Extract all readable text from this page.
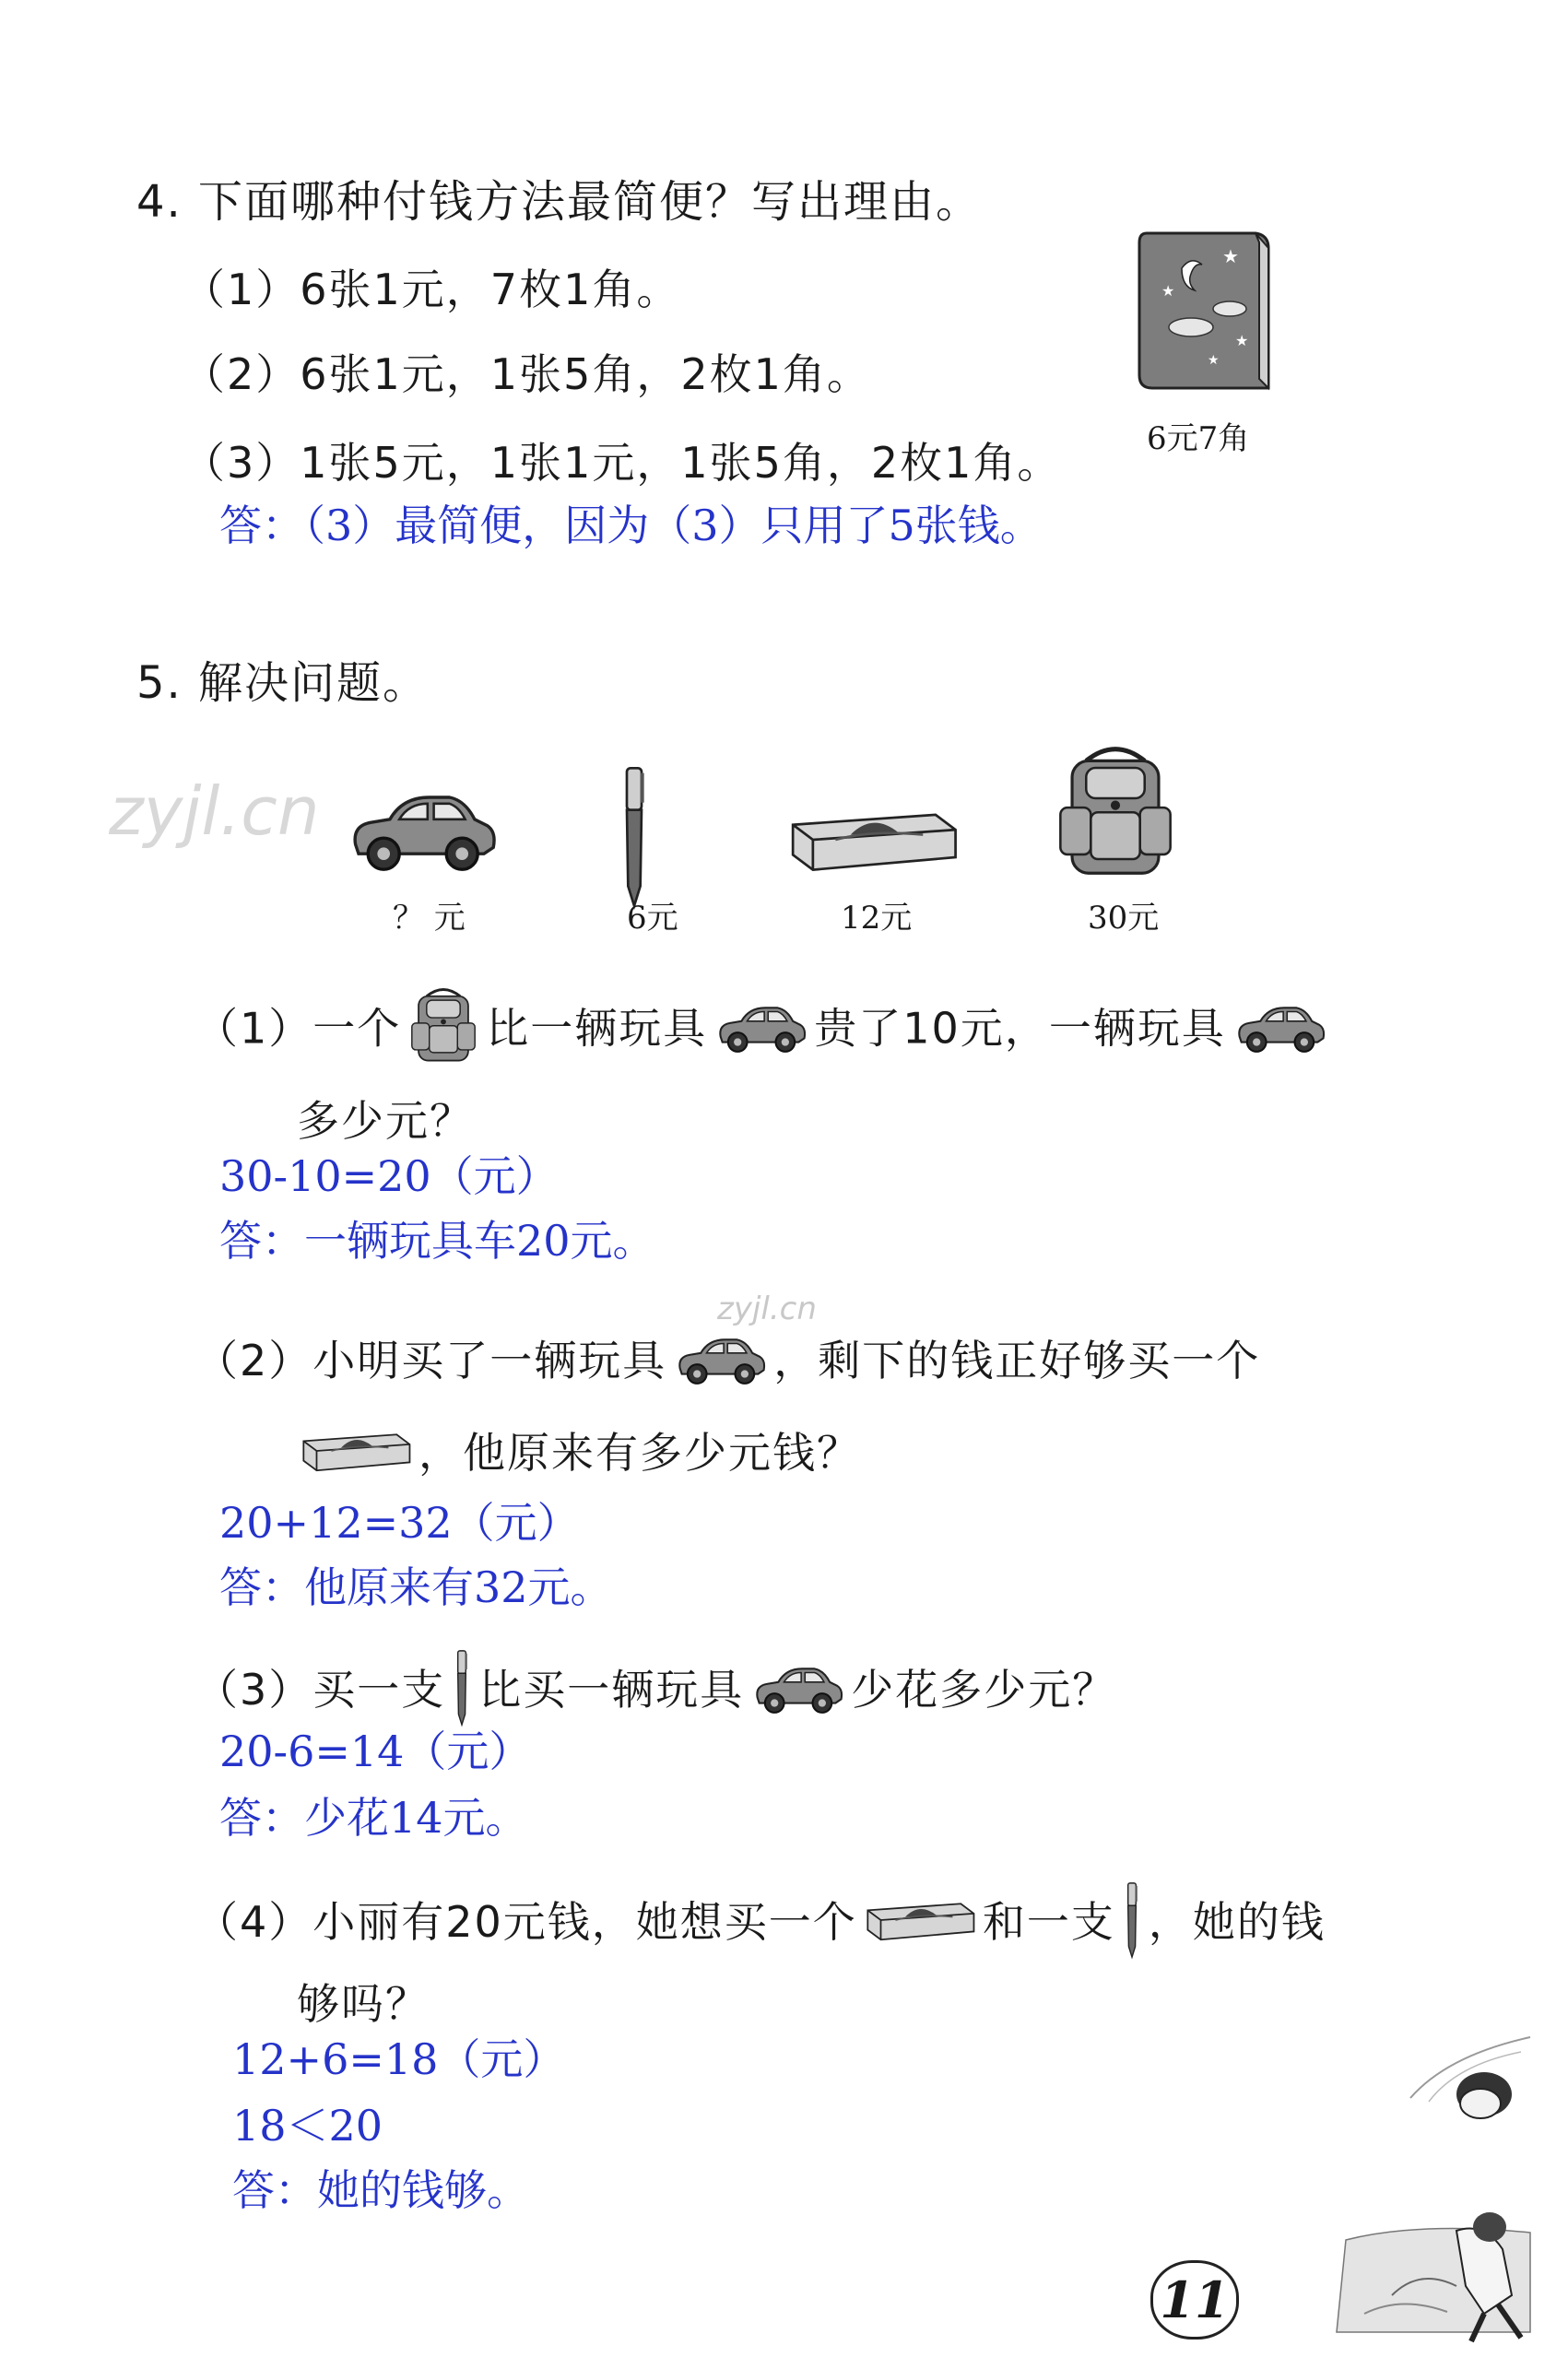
4. 下面哪种付钱方法最简便？写出理由。
（1）6张1元，7枚1角。
（2）6张1元，1张5角，2枚1角。
（3）1张5元，1张1元，1张5角，2枚1角。
★
★
★
★
6元7角
答：（3）最简便，因为（3）只用了5张钱。
5. 解决问题。
zyjl.cn
？ 元	6元	12元	30元
（1）一个 比一辆玩具	贵了10元，一辆玩具
多少元？
30-10=20（元）
答：一辆玩具车20元。
zyjl.cn
（2）小明买了一辆玩具	，剩下的钱正好够买一个
，他原来有多少元钱？
20+12=32（元）
答：他原来有32元。
（3）买一支 比买一辆玩具	少花多少元？
20-6=14（元）
答：少花14元。
（4）小丽有20元钱，她想买一个	和一支 ，她的钱
够吗？
12+6=18（元）
18＜20
答：她的钱够。
11
